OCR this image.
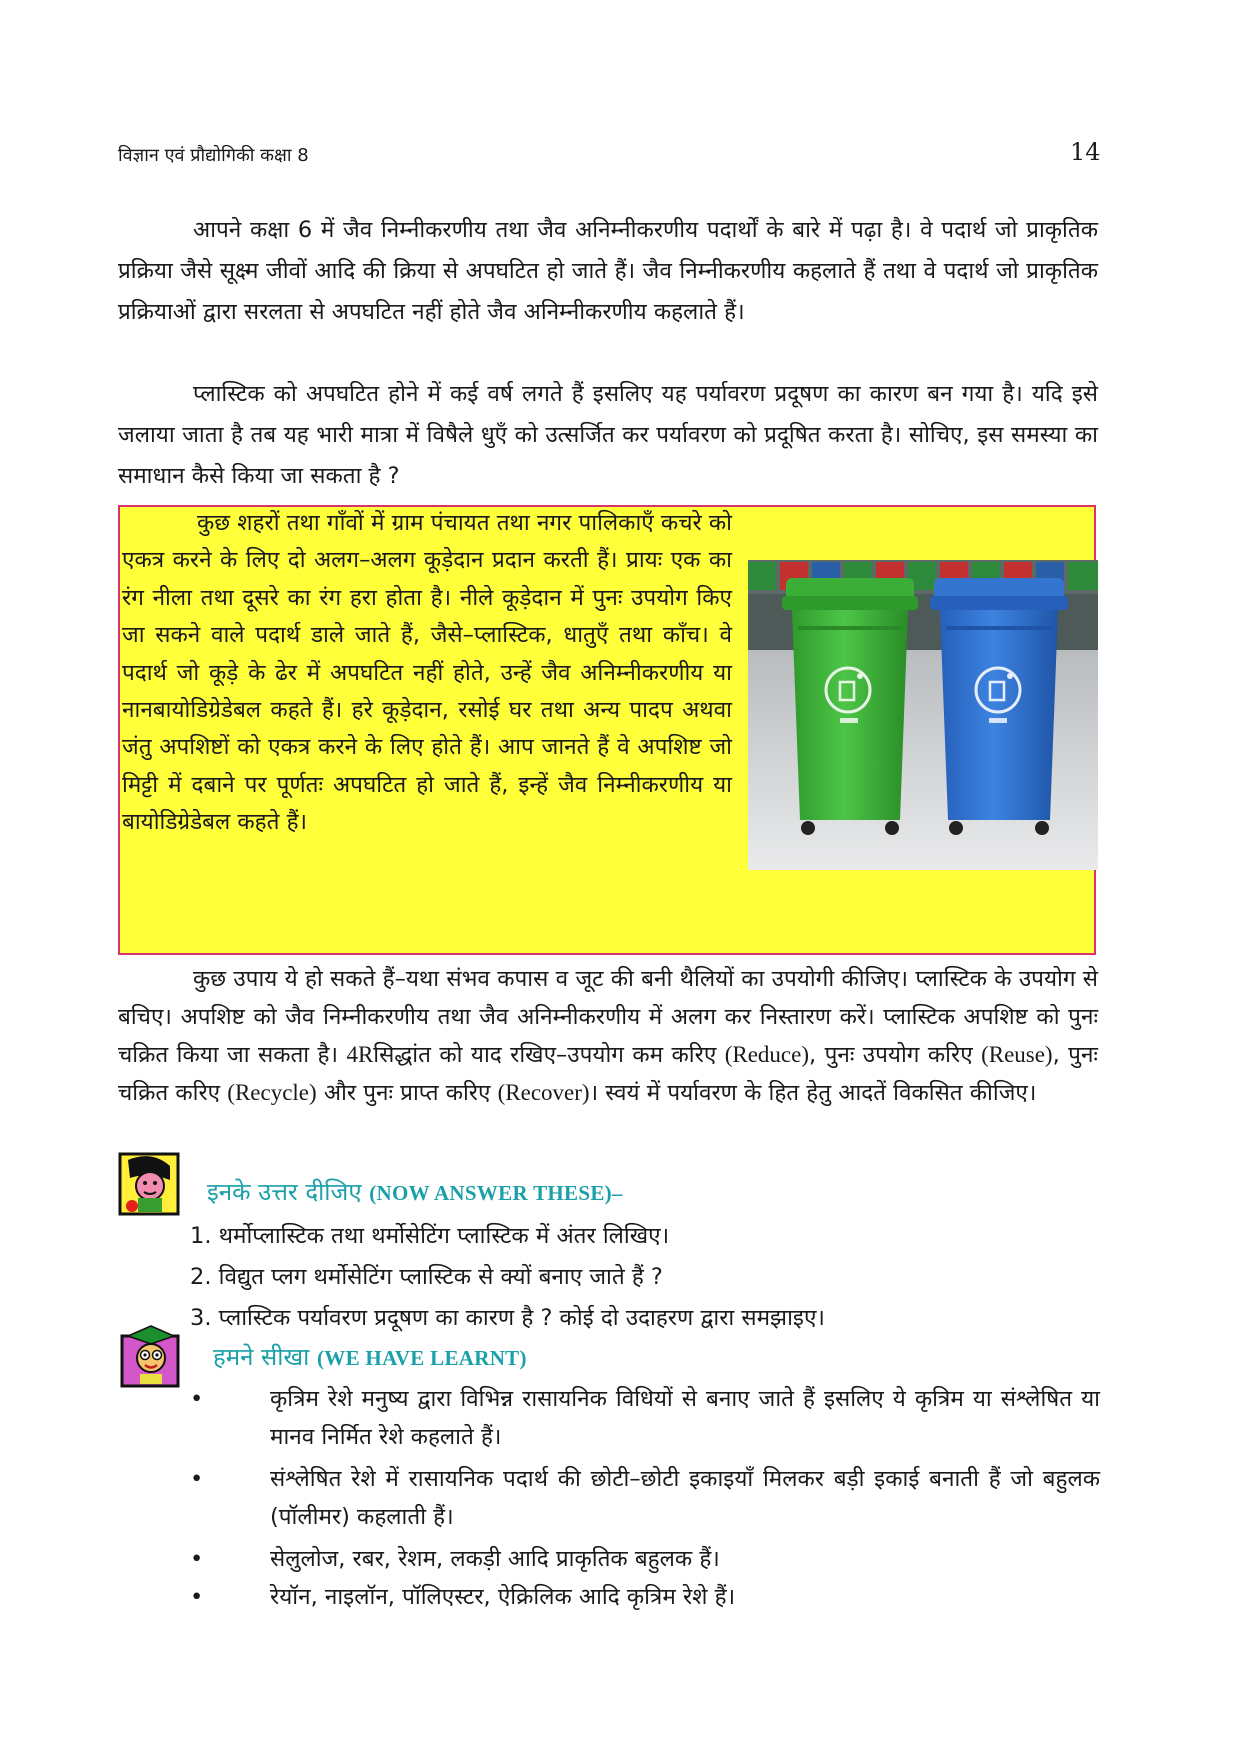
विज्ञान एवं प्रौद्योगिकी कक्षा 8	14

आपने कक्षा 6 में जैव निम्नीकरणीय तथा जैव अनिम्नीकरणीय पदार्थों के बारे में पढ़ा है। वे पदार्थ जो प्राकृतिक प्रक्रिया जैसे सूक्ष्म जीवों आदि की क्रिया से अपघटित हो जाते हैं। जैव निम्नीकरणीय कहलाते हैं तथा वे पदार्थ जो प्राकृतिक प्रक्रियाओं द्वारा सरलता से अपघटित नहीं होते जैव अनिम्नीकरणीय कहलाते हैं।

प्लास्टिक को अपघटित होने में कई वर्ष लगते हैं इसलिए यह पर्यावरण प्रदूषण का कारण बन गया है। यदि इसे जलाया जाता है तब यह भारी मात्रा में विषैले धुएँ को उत्सर्जित कर पर्यावरण को प्रदूषित करता है। सोचिए, इस समस्या का समाधान कैसे किया जा सकता है ?

कुछ शहरों तथा गाँवों में ग्राम पंचायत तथा नगर पालिकाएँ कचरे को एकत्र करने के लिए दो अलग–अलग कूड़ेदान प्रदान करती हैं। प्रायः एक का रंग नीला तथा दूसरे का रंग हरा होता है। नीले कूड़ेदान में पुनः उपयोग किए जा सकने वाले पदार्थ डाले जाते हैं, जैसे–प्लास्टिक, धातुएँ तथा काँच। वे पदार्थ जो कूड़े के ढेर में अपघटित नहीं होते, उन्हें जैव अनिम्नीकरणीय या नानबायोडिग्रेडेबल कहते हैं। हरे कूड़ेदान, रसोई घर तथा अन्य पादप अथवा जंतु अपशिष्टों को एकत्र करने के लिए होते हैं। आप जानते हैं वे अपशिष्ट जो मिट्टी में दबाने पर पूर्णतः अपघटित हो जाते हैं, इन्हें जैव निम्नीकरणीय या बायोडिग्रेडेबल कहते हैं।

कुछ उपाय ये हो सकते हैं–यथा संभव कपास व जूट की बनी थैलियों का उपयोगी कीजिए। प्लास्टिक के उपयोग से बचिए। अपशिष्ट को जैव निम्नीकरणीय तथा जैव अनिम्नीकरणीय में अलग कर निस्तारण करें। प्लास्टिक अपशिष्ट को पुनः चक्रित किया जा सकता है। 4Rसिद्धांत को याद रखिए–उपयोग कम करिए (Reduce), पुनः उपयोग करिए (Reuse), पुनः चक्रित करिए (Recycle) और पुनः प्राप्त करिए (Recover)। स्वयं में पर्यावरण के हित हेतु आदतें विकसित कीजिए।

इनके उत्तर दीजिए (NOW ANSWER THESE)–
1. थर्मोप्लास्टिक तथा थर्मोसेटिंग प्लास्टिक में अंतर लिखिए।
2. विद्युत प्लग थर्मोसेटिंग प्लास्टिक से क्यों बनाए जाते हैं ?
3. प्लास्टिक पर्यावरण प्रदूषण का कारण है ? कोई दो उदाहरण द्वारा समझाइए।
हमने सीखा (WE HAVE LEARNT)
•	कृत्रिम रेशे मनुष्य द्वारा विभिन्न रासायनिक विधियों से बनाए जाते हैं इसलिए ये कृत्रिम या संश्लेषित या मानव निर्मित रेशे कहलाते हैं।
•	संश्लेषित रेशे में रासायनिक पदार्थ की छोटी–छोटी इकाइयाँ मिलकर बड़ी इकाई बनाती हैं जो बहुलक (पॉलीमर) कहलाती हैं।
•	सेलुलोज, रबर, रेशम, लकड़ी आदि प्राकृतिक बहुलक हैं।
•	रेयॉन, नाइलॉन, पॉलिएस्टर, ऐक्रिलिक आदि कृत्रिम रेशे हैं।
